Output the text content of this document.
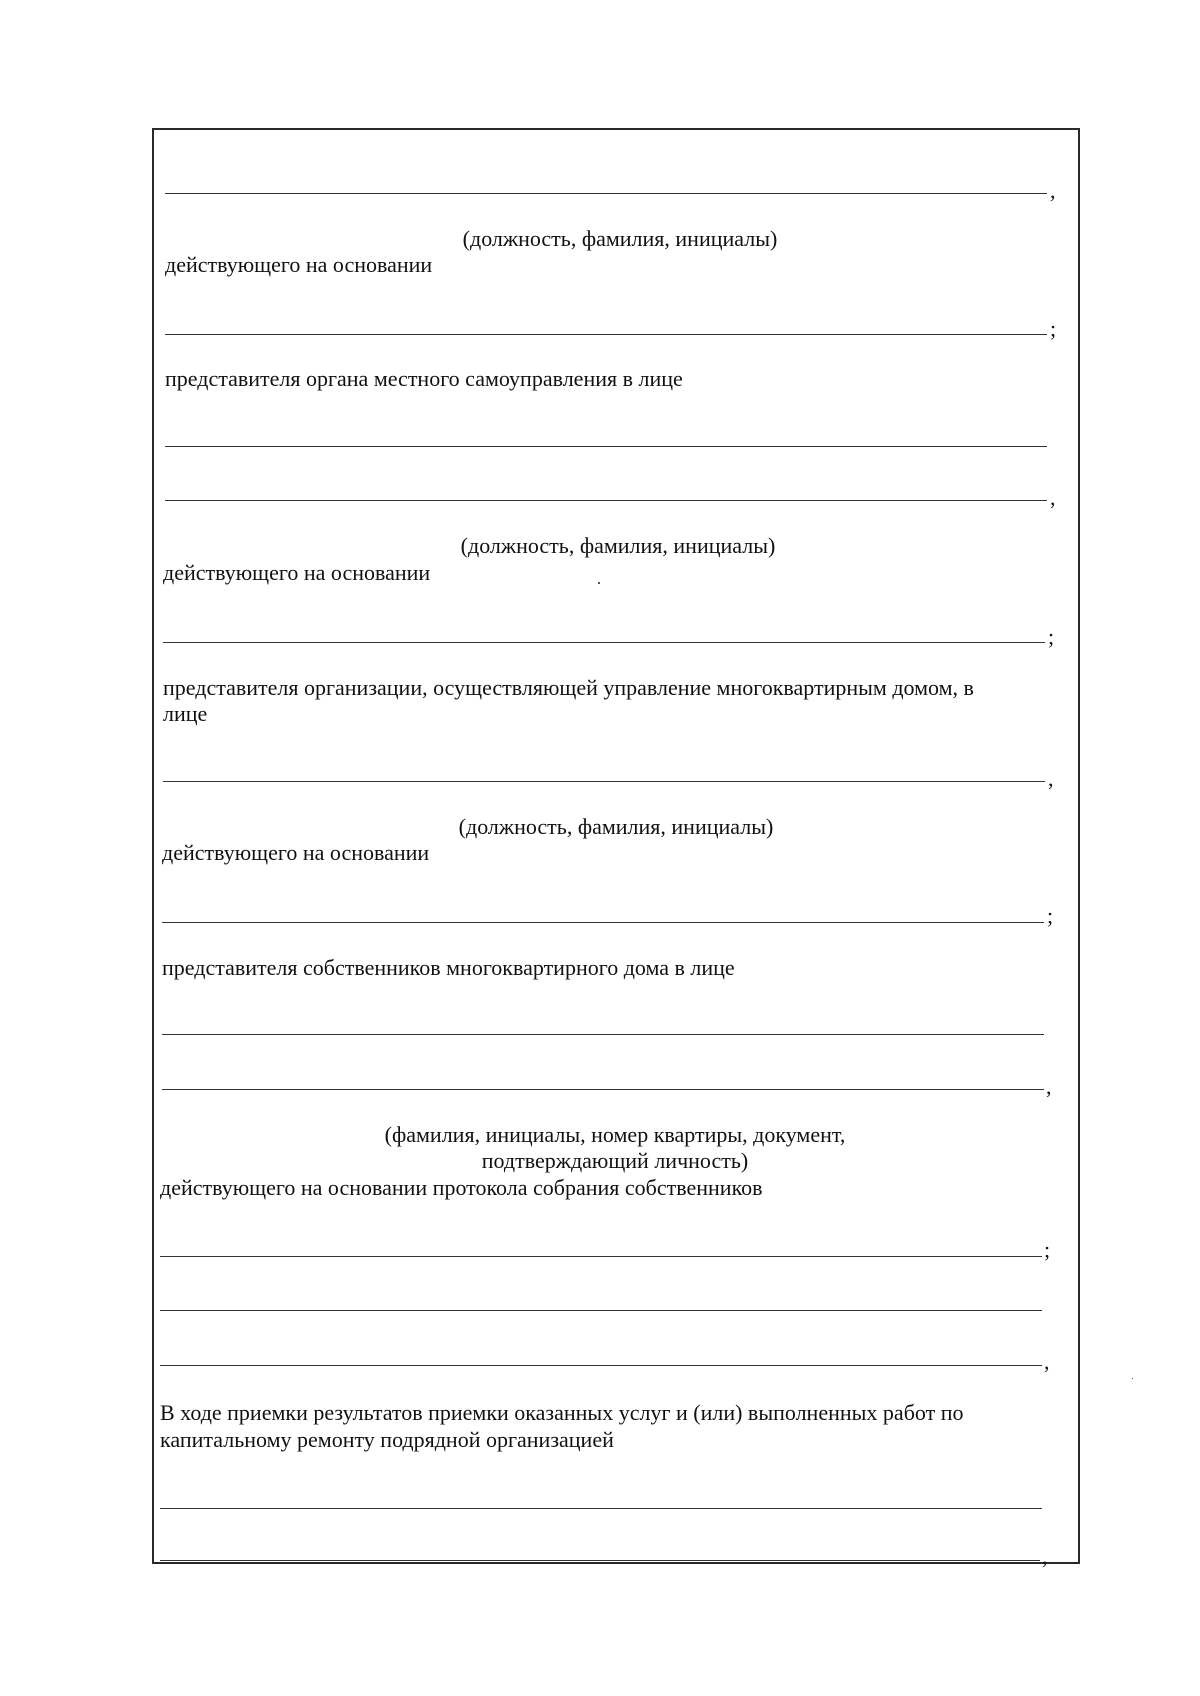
,
(должность, фамилия, инициалы)
действующего на основании
;
представителя органа местного самоуправления в лице
,
(должность, фамилия, инициалы)
действующего на основании
;
представителя организации, осуществляющей управление многоквартирным домом, в
лице
,
(должность, фамилия, инициалы)
действующего на основании
;
представителя собственников многоквартирного дома в лице
,
(фамилия, инициалы, номер квартиры, документ,
подтверждающий личность)
действующего на основании протокола собрания собственников
;
,
В ходе приемки результатов приемки оказанных услуг и (или) выполненных работ по
капитальному ремонту подрядной организацией
,
